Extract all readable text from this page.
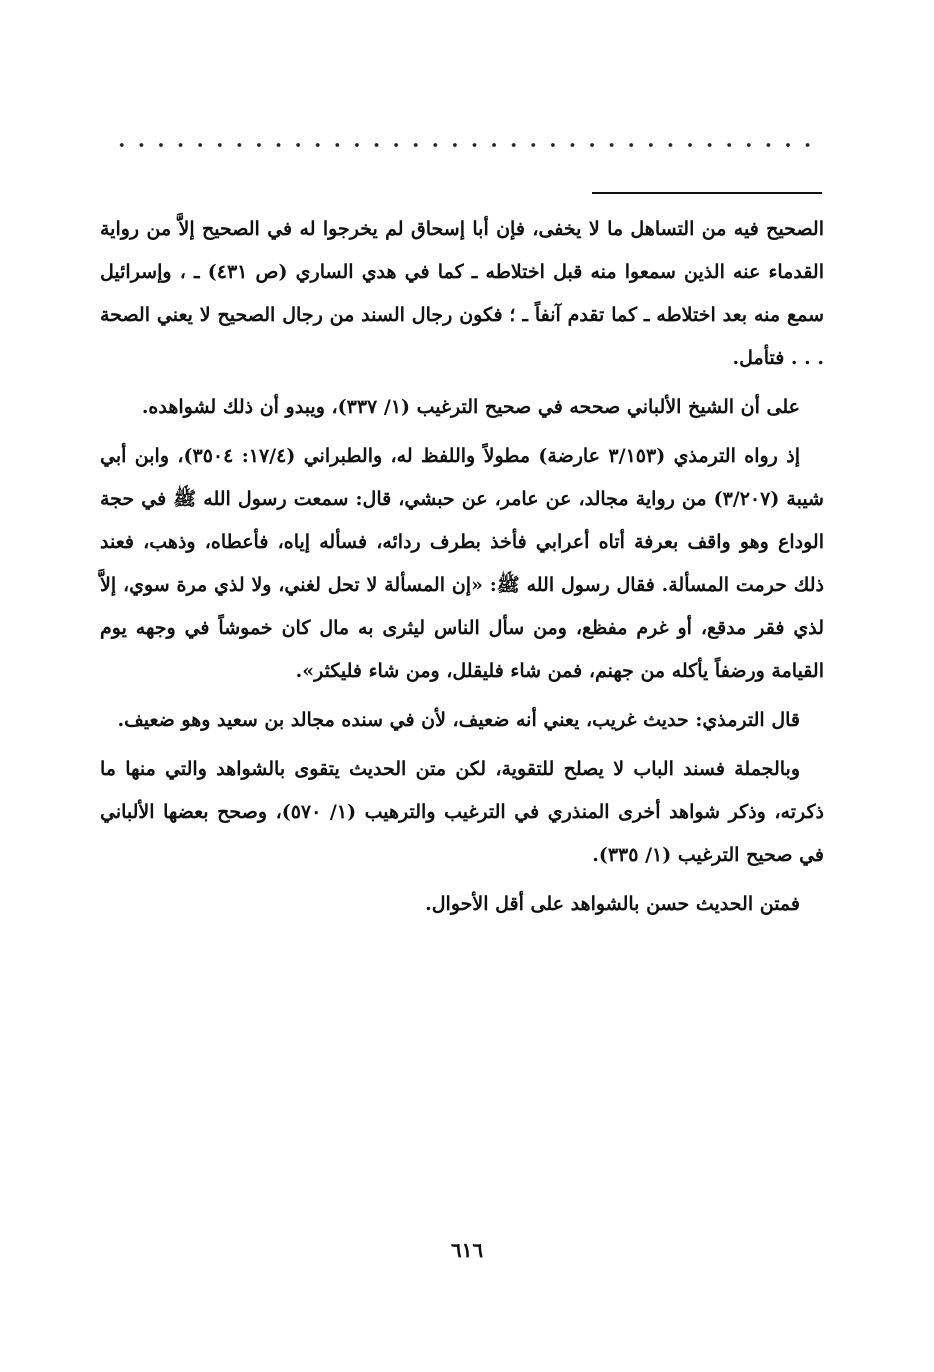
الصحيح فيه من التساهل ما لا يخفى، فإن أبا إسحاق لم يخرجوا له في الصحيح إلاَّ من رواية القدماء عنه الذين سمعوا منه قبل اختلاطه ـ كما في هدي الساري (ص ٤٣١) ـ ، وإسرائيل سمع منه بعد اختلاطه ـ كما تقدم آنفاً ـ ؛ فكون رجال السند من رجال الصحيح لا يعني الصحة . . . فتأمل.

على أن الشيخ الألباني صححه في صحيح الترغيب (١/ ٣٣٧)، ويبدو أن ذلك لشواهده.

إذ رواه الترمذي (٣/١٥٣ عارضة) مطولاً واللفظ له، والطبراني (١٧/٤: ٣٥٠٤)، وابن أبي شيبة (٣/٢٠٧) من رواية مجالد، عن عامر، عن حبشي، قال: سمعت رسول الله ﷺ في حجة الوداع وهو واقف بعرفة أتاه أعرابي فأخذ بطرف ردائه، فسأله إياه، فأعطاه، وذهب، فعند ذلك حرمت المسألة. فقال رسول الله ﷺ: «إن المسألة لا تحل لغني، ولا لذي مرة سوي، إلاَّ لذي فقر مدقع، أو غرم مفظع، ومن سأل الناس ليثرى به مال كان خموشاً في وجهه يوم القيامة ورضفاً يأكله من جهنم، فمن شاء فليقلل، ومن شاء فليكثر».

قال الترمذي: حديث غريب، يعني أنه ضعيف، لأن في سنده مجالد بن سعيد وهو ضعيف.

وبالجملة فسند الباب لا يصلح للتقوية، لكن متن الحديث يتقوى بالشواهد والتي منها ما ذكرته، وذكر شواهد أخرى المنذري في الترغيب والترهيب (١/ ٥٧٠)، وصحح بعضها الألباني في صحيح الترغيب (١/ ٣٣٥).

فمتن الحديث حسن بالشواهد على أقل الأحوال.

٦١٦
